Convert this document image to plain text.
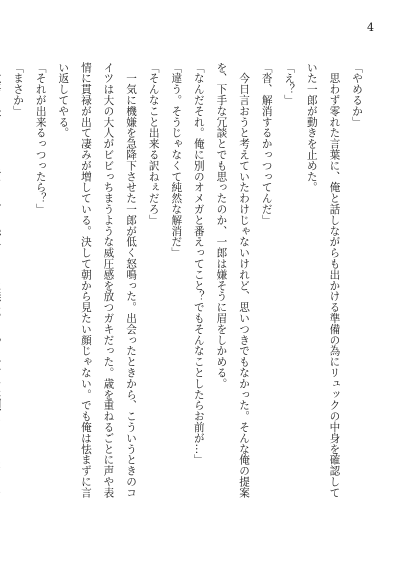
4
「やめるか」
　思わず零れた言葉に、俺と話しながらも出かける準備の為にリュックの中身を確認して
いた一郎が動きを止めた。
「え？」
「沓、解消するかっつってんだ」
　今日言おうと考えていたわけじゃないけれど、思いつきでもなかった。そんな俺の提案
を、下手な冗談とでも思ったのか、一郎は嫌そうに眉をしかめる。
「なんだそれ。俺に別のオメガと番えってこと？でもそんなことしたらお前が…」
「違う。そうじゃなくて純然な解消だ」
「そんなこと出来る訳ねぇだろ」
　一気に機嫌を急降下させた一郎が低く怒鳴った。出会ったときから、こういうときのコ
イツは大の大人がビビっちまうような威圧感を放つガキだった。歳を重ねるごとに声や表
情に貫禄が出て凄みが増している。決して朝から見たい顔じゃない。でも俺は怯まずに言
い返してやる。
「それが出来るっつったら？」
「まさか」
